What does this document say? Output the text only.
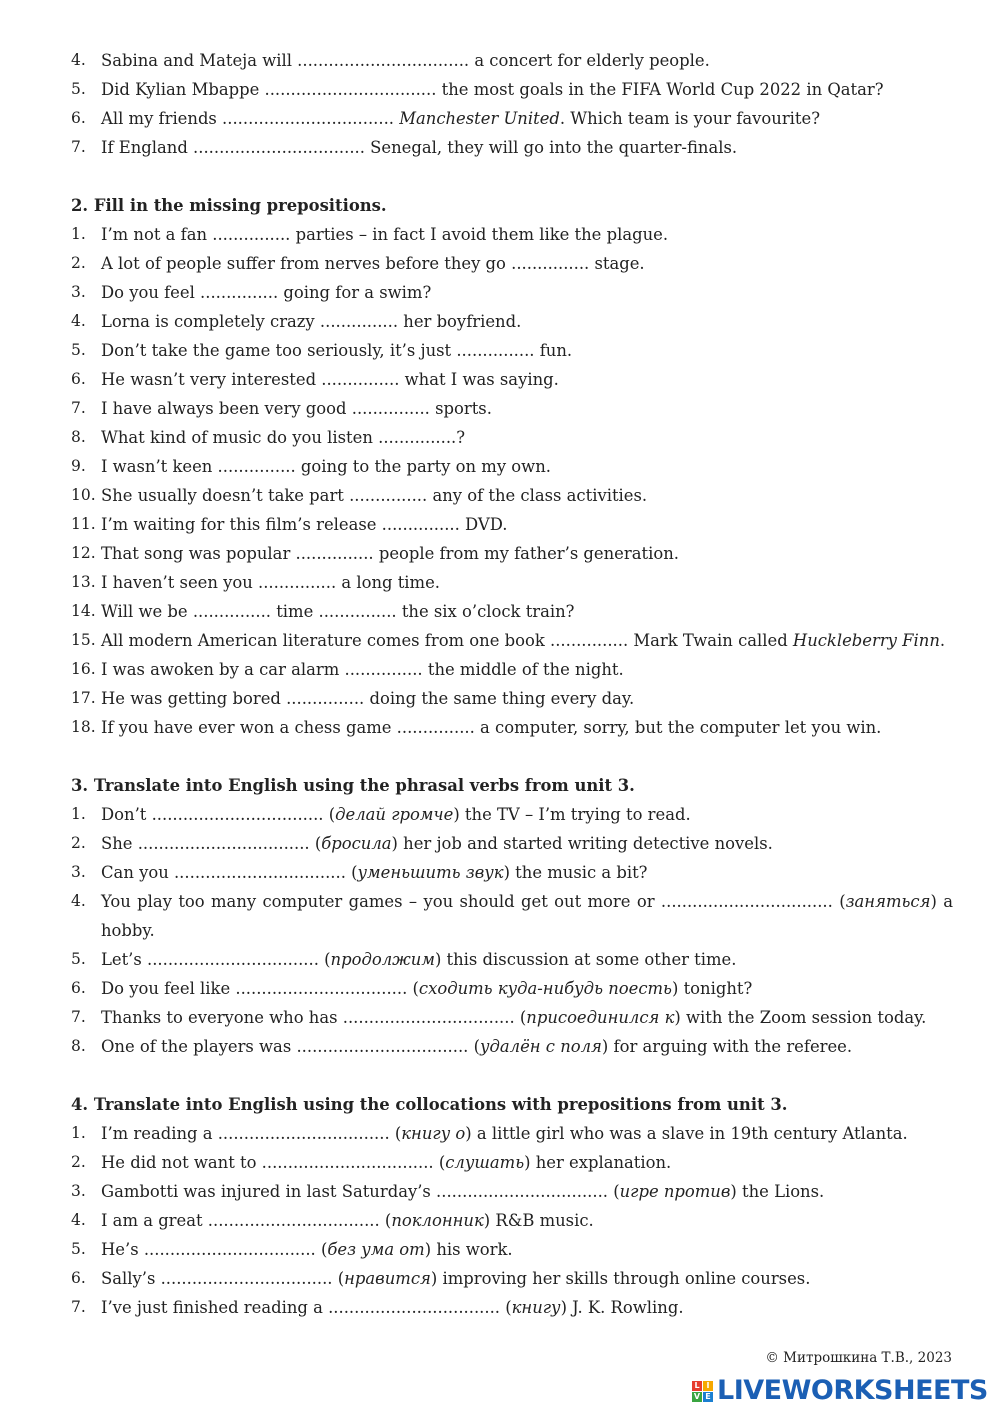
4. Sabina and Mateja will ................................. a concert for elderly people.
5. Did Kylian Mbappe ................................. the most goals in the FIFA World Cup 2022 in Qatar?
6. All my friends ................................. Manchester United. Which team is your favourite?
7. If England ................................. Senegal, they will go into the quarter-finals.
2. Fill in the missing prepositions.
1. I’m not a fan ............... parties – in fact I avoid them like the plague.
2. A lot of people suffer from nerves before they go ............... stage.
3. Do you feel ............... going for a swim?
4. Lorna is completely crazy ............... her boyfriend.
5. Don’t take the game too seriously, it’s just ............... fun.
6. He wasn’t very interested ............... what I was saying.
7. I have always been very good ............... sports.
8. What kind of music do you listen ...............?
9. I wasn’t keen ............... going to the party on my own.
10. She usually doesn’t take part ............... any of the class activities.
11. I’m waiting for this film’s release ............... DVD.
12. That song was popular ............... people from my father’s generation.
13. I haven’t seen you ............... a long time.
14. Will we be ............... time ............... the six o’clock train?
15. All modern American literature comes from one book ............... Mark Twain called Huckleberry Finn.
16. I was awoken by a car alarm ............... the middle of the night.
17. He was getting bored ............... doing the same thing every day.
18. If you have ever won a chess game ............... a computer, sorry, but the computer let you win.
3. Translate into English using the phrasal verbs from unit 3.
1. Don’t ................................. (делай громче) the TV – I’m trying to read.
2. She ................................. (бросила) her job and started writing detective novels.
3. Can you ................................. (уменьшить звук) the music a bit?
4. You play too many computer games – you should get out more or ................................. (заняться) a hobby.
5. Let’s ................................. (продолжим) this discussion at some other time.
6. Do you feel like ................................. (сходить куда-нибудь поесть) tonight?
7. Thanks to everyone who has ................................. (присоединился к) with the Zoom session today.
8. One of the players was ................................. (удалён с поля) for arguing with the referee.
4. Translate into English using the collocations with prepositions from unit 3.
1. I’m reading a ................................. (книгу о) a little girl who was a slave in 19th century Atlanta.
2. He did not want to ................................. (слушать) her explanation.
3. Gambotti was injured in last Saturday’s ................................. (игре против) the Lions.
4. I am a great ................................. (поклонник) R&B music.
5. He’s ................................. (без ума от) his work.
6. Sally’s ................................. (нравится) improving her skills through online courses.
7. I’ve just finished reading a ................................. (книгу) J. K. Rowling.
© Митрошкина Т.В., 2023
L I
V E LIVEWORKSHEETS
